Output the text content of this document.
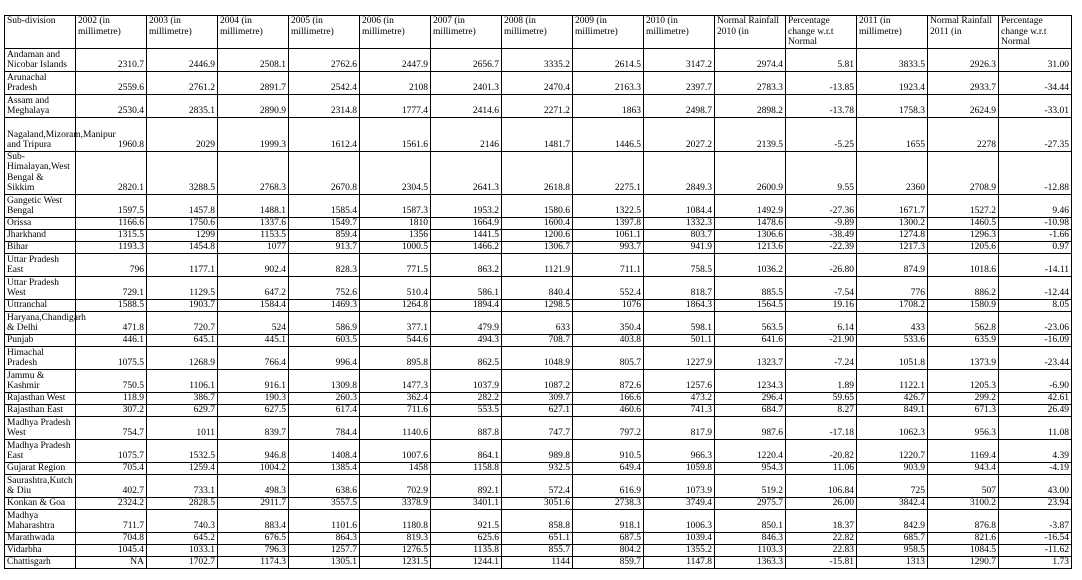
Sub-division	2002 (in millimetre)	2003 (in millimetre)	2004 (in millimetre)	2005 (in millimetre)	2006 (in millimetre)	2007 (in millimetre)	2008 (in millimetre)	2009 (in millimetre)	2010 (in millimetre)	Normal Rainfall 2010 (in	Percentage change w.r.t Normal	2011 (in millimetre)	Normal Rainfall 2011 (in	Percentage change w.r.t Normal
Andaman and Nicobar Islands	2310.7	2446.9	2508.1	2762.6	2447.9	2656.7	3335.2	2614.5	3147.2	2974.4	5.81	3833.5	2926.3	31.00
Arunachal Pradesh	2559.6	2761.2	2891.7	2542.4	2108	2401.3	2470.4	2163.3	2397.7	2783.3	-13.85	1923.4	2933.7	-34.44
Assam and Meghalaya	2530.4	2835.1	2890.9	2314.8	1777.4	2414.6	2271.2	1863	2498.7	2898.2	-13.78	1758.3	2624.9	-33.01
Nagaland,Mizoram,Manipur and Tripura	1960.8	2029	1999.3	1612.4	1561.6	2146	1481.7	1446.5	2027.2	2139.5	-5.25	1655	2278	-27.35
Sub-Himalayan,West Bengal & Sikkim	2820.1	3288.5	2768.3	2670.8	2304.5	2641.3	2618.8	2275.1	2849.3	2600.9	9.55	2360	2708.9	-12.88
Gangetic West Bengal	1597.5	1457.8	1488.1	1585.4	1587.3	1953.2	1580.6	1322.5	1084.4	1492.9	-27.36	1671.7	1527.2	9.46
Orissa	1166.6	1750.6	1337.6	1549.7	1810	1664.9	1600.4	1397.8	1332.3	1478.6	-9.89	1300.2	1460.5	-10.98
Jharkhand	1315.5	1299	1153.5	859.4	1356	1441.5	1200.6	1061.1	803.7	1306.6	-38.49	1274.8	1296.3	-1.66
Bihar	1193.3	1454.8	1077	913.7	1000.5	1466.2	1306.7	993.7	941.9	1213.6	-22.39	1217.3	1205.6	0.97
Uttar Pradesh East	796	1177.1	902.4	828.3	771.5	863.2	1121.9	711.1	758.5	1036.2	-26.80	874.9	1018.6	-14.11
Uttar Pradesh West	729.1	1129.5	647.2	752.6	510.4	586.1	840.4	552.4	818.7	885.5	-7.54	776	886.2	-12.44
Uttranchal	1588.5	1903.7	1584.4	1469.3	1264.8	1894.4	1298.5	1076	1864.3	1564.5	19.16	1708.2	1580.9	8.05
Haryana,Chandigarh & Delhi	471.8	720.7	524	586.9	377.1	479.9	633	350.4	598.1	563.5	6.14	433	562.8	-23.06
Punjab	446.1	645.1	445.1	603.5	544.6	494.3	708.7	403.8	501.1	641.6	-21.90	533.6	635.9	-16.09
Himachal Pradesh	1075.5	1268.9	766.4	996.4	895.8	862.5	1048.9	805.7	1227.9	1323.7	-7.24	1051.8	1373.9	-23.44
Jammu & Kashmir	750.5	1106.1	916.1	1309.8	1477.3	1037.9	1087.2	872.6	1257.6	1234.3	1.89	1122.1	1205.3	-6.90
Rajasthan West	118.9	386.7	190.3	260.3	362.4	282.2	309.7	166.6	473.2	296.4	59.65	426.7	299.2	42.61
Rajasthan East	307.2	629.7	627.5	617.4	711.6	553.5	627.1	460.6	741.3	684.7	8.27	849.1	671.3	26.49
Madhya Pradesh West	754.7	1011	839.7	784.4	1140.6	887.8	747.7	797.2	817.9	987.6	-17.18	1062.3	956.3	11.08
Madhya Pradesh East	1075.7	1532.5	946.8	1408.4	1007.6	864.1	989.8	910.5	966.3	1220.4	-20.82	1220.7	1169.4	4.39
Gujarat Region	705.4	1259.4	1004.2	1385.4	1458	1158.8	932.5	649.4	1059.8	954.3	11.06	903.9	943.4	-4.19
Saurashtra,Kutch & Diu	402.7	733.1	498.3	638.6	702.9	892.1	572.4	616.9	1073.9	519.2	106.84	725	507	43.00
Konkan & Goa	2324.2	2828.5	2911.7	3557.5	3378.9	3401.1	3051.6	2738.3	3749.4	2975.7	26.00	3842.4	3100.2	23.94
Madhya Maharashtra	711.7	740.3	883.4	1101.6	1180.8	921.5	858.8	918.1	1006.3	850.1	18.37	842.9	876.8	-3.87
Marathwada	704.8	645.2	676.5	864.3	819.3	625.6	651.1	687.5	1039.4	846.3	22.82	685.7	821.6	-16.54
Vidarbha	1045.4	1033.1	796.3	1257.7	1276.5	1135.8	855.7	804.2	1355.2	1103.3	22.83	958.5	1084.5	-11.62
Chattisgarh	NA	1702.7	1174.3	1305.1	1231.5	1244.1	1144	859.7	1147.8	1363.3	-15.81	1313	1290.7	1.73
